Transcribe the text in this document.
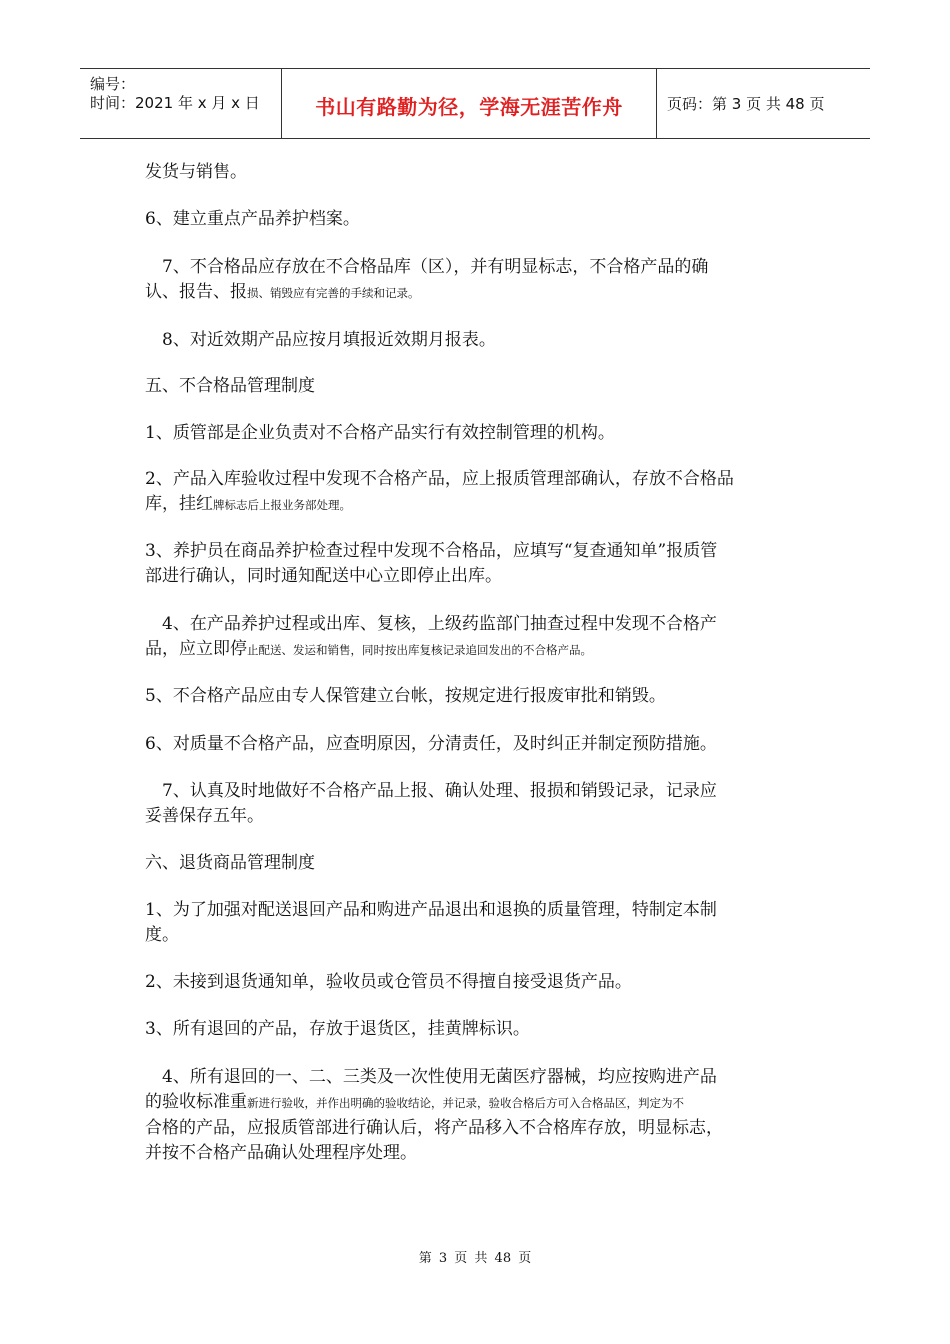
编号：
时间：2021 年 x 月 x 日	书山有路勤为径，学海无涯苦作舟	页码：第 3 页 共 48 页
发货与销售。
6、建立重点产品养护档案。
　7、不合格品应存放在不合格品库（区），并有明显标志，不合格产品的确
认、报告、报损、销毁应有完善的手续和记录。
　8、对近效期产品应按月填报近效期月报表。
五、不合格品管理制度
1、质管部是企业负责对不合格产品实行有效控制管理的机构。
2、产品入库验收过程中发现不合格产品，应上报质管理部确认，存放不合格品
库，挂红牌标志后上报业务部处理。
3、养护员在商品养护检查过程中发现不合格品，应填写“复查通知单”报质管
部进行确认，同时通知配送中心立即停止出库。
　4、在产品养护过程或出库、复核，上级药监部门抽查过程中发现不合格产
品，应立即停止配送、发运和销售，同时按出库复核记录追回发出的不合格产品。
5、不合格产品应由专人保管建立台帐，按规定进行报废审批和销毁。
6、对质量不合格产品，应查明原因，分清责任，及时纠正并制定预防措施。
　7、认真及时地做好不合格产品上报、确认处理、报损和销毁记录，记录应
妥善保存五年。
六、退货商品管理制度
1、为了加强对配送退回产品和购进产品退出和退换的质量管理，特制定本制
度。
2、未接到退货通知单，验收员或仓管员不得擅自接受退货产品。
3、所有退回的产品，存放于退货区，挂黄牌标识。
　4、所有退回的一、二、三类及一次性使用无菌医疗器械，均应按购进产品
的验收标准重新进行验收，并作出明确的验收结论，并记录，验收合格后方可入合格品区，判定为不
合格的产品，应报质管部进行确认后，将产品移入不合格库存放，明显标志，
并按不合格产品确认处理程序处理。
第 3 页 共 48 页
